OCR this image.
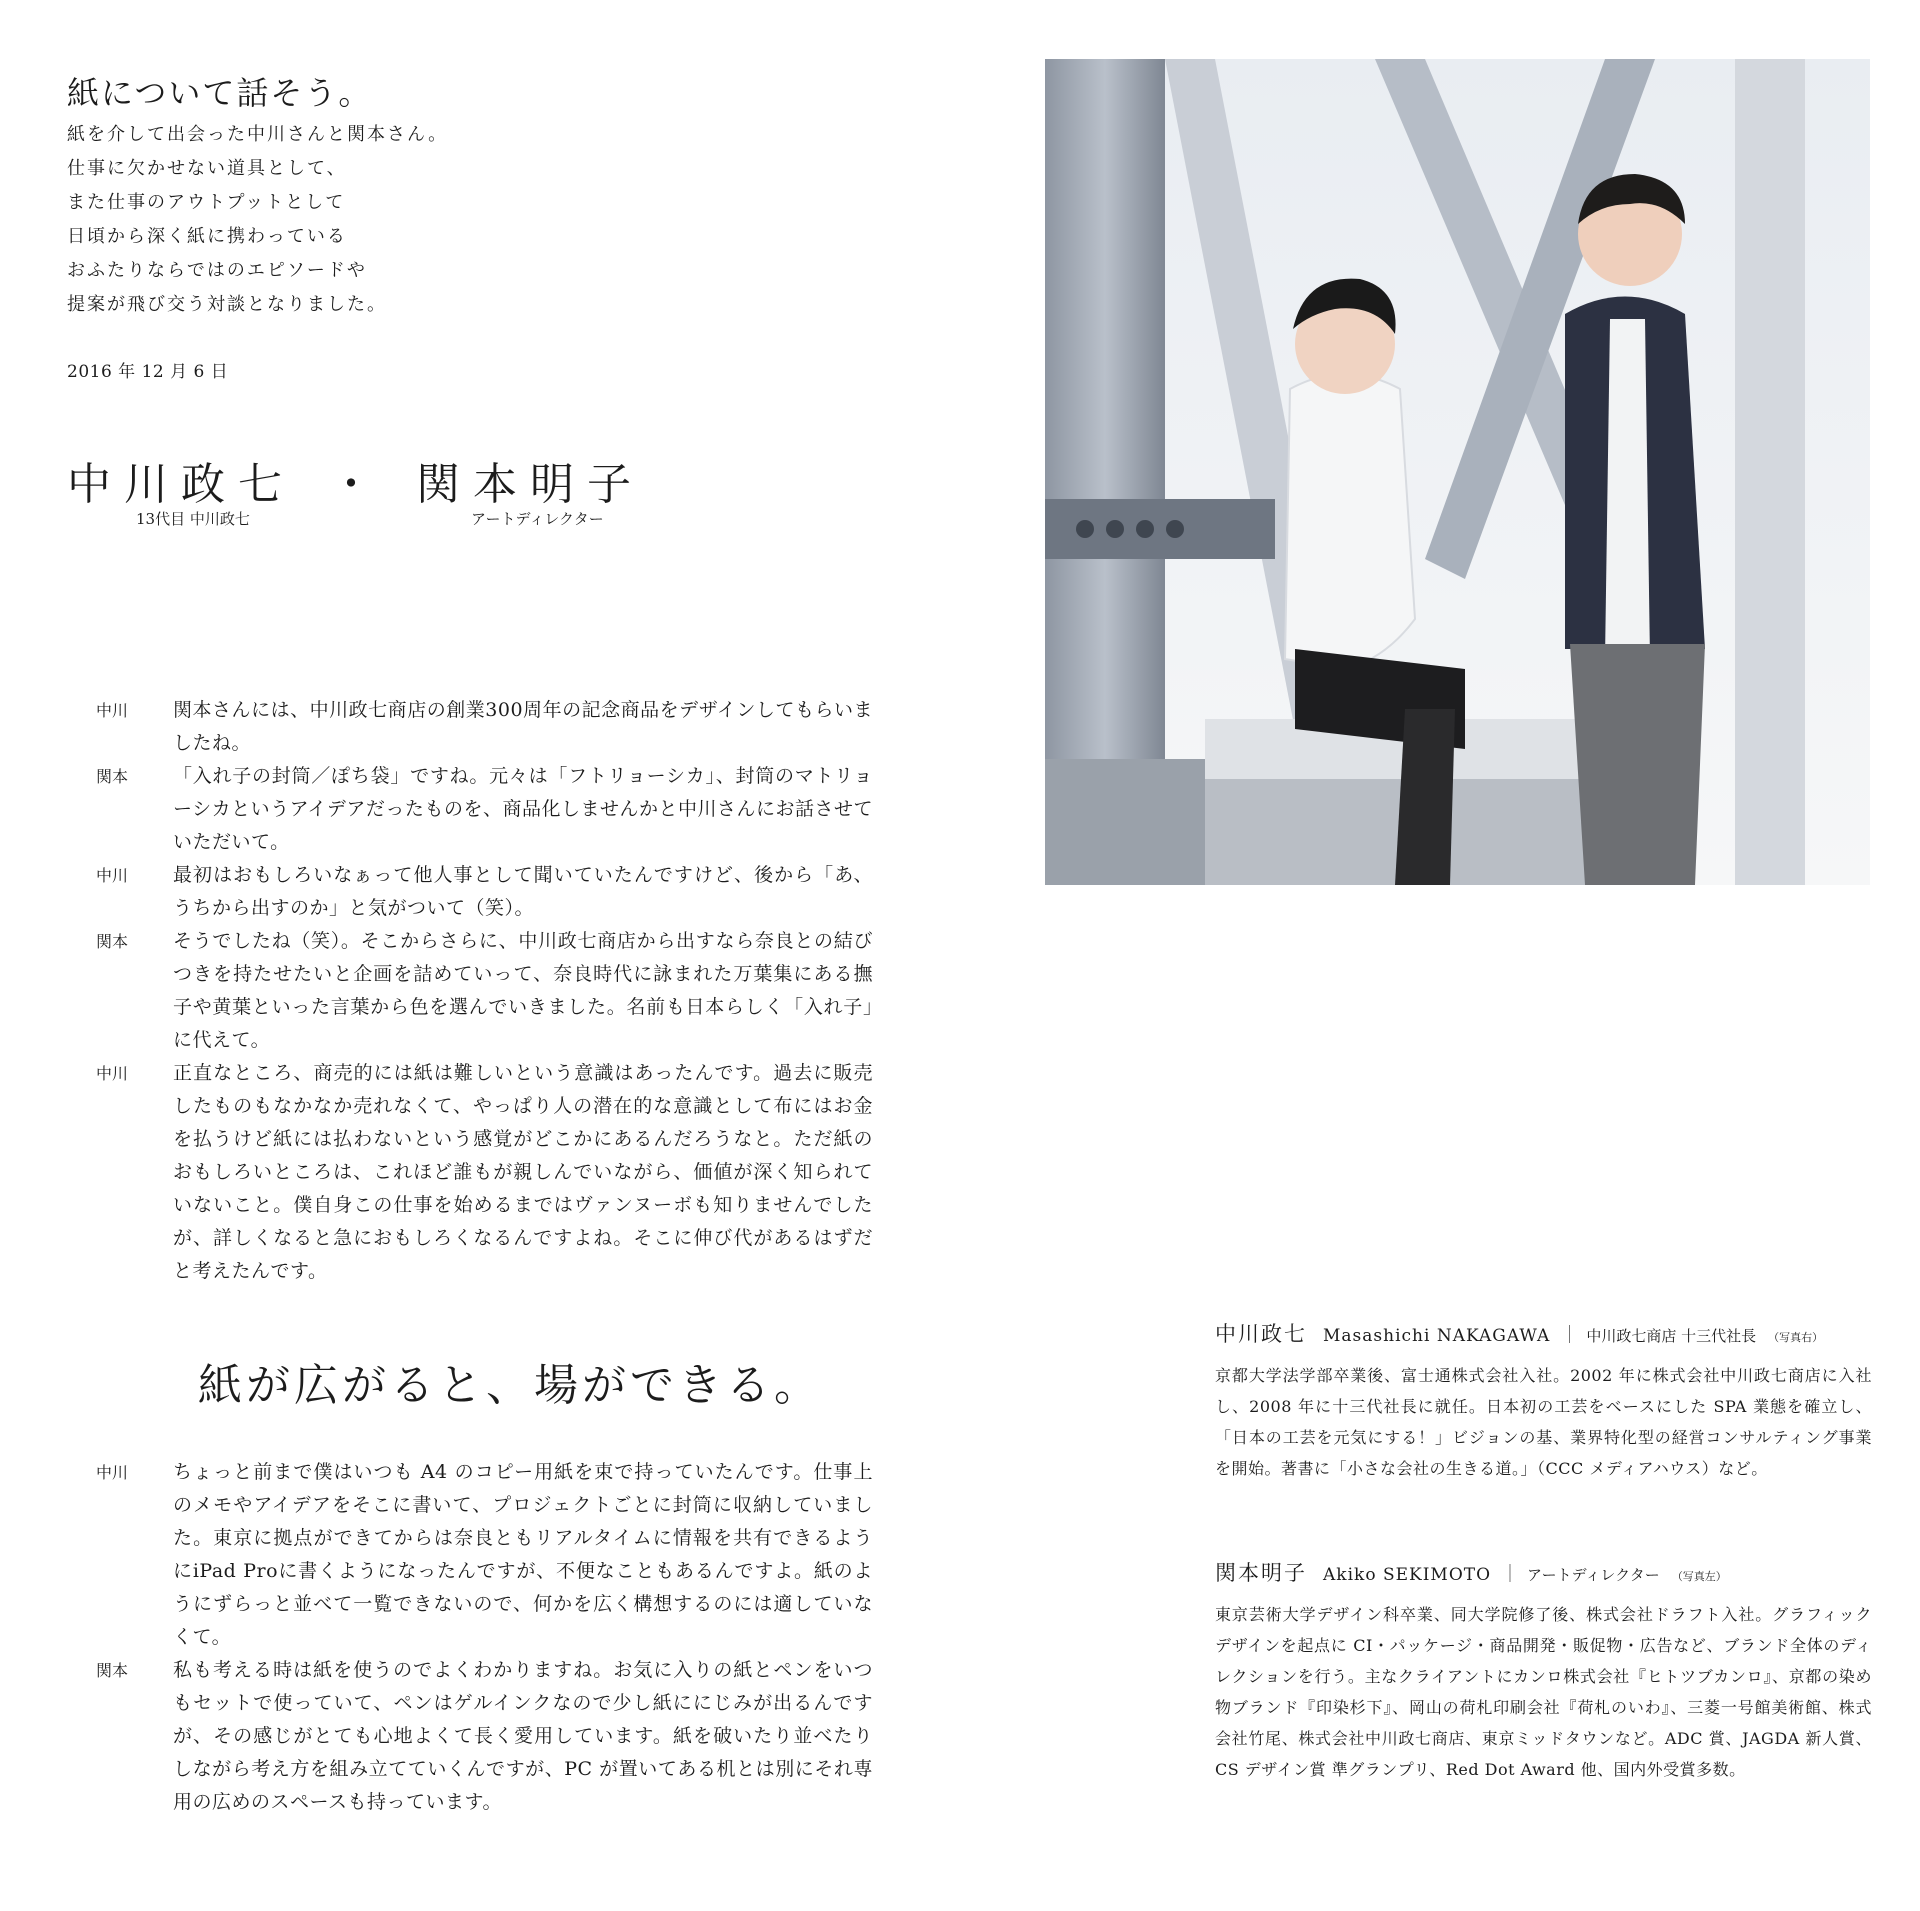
紙について話そう。
紙を介して出会った中川さんと関本さん。
仕事に欠かせない道具として、
また仕事のアウトプットとして
日頃から深く紙に携わっている
おふたりならではのエピソードや
提案が飛び交う対談となりました。
2016 年 12 月 6 日
中川政七 ・ 関本明子
13代目 中川政七	アートディレクター
中川	関本さんには、中川政七商店の創業300周年の記念商品をデザインしてもらいましたね。
関本	「入れ子の封筒／ぽち袋」ですね。元々は「フトリョーシカ」、封筒のマトリョーシカというアイデアだったものを、商品化しませんかと中川さんにお話させていただいて。
中川	最初はおもしろいなぁって他人事として聞いていたんですけど、後から「あ、うちから出すのか」と気がついて（笑）。
関本	そうでしたね（笑）。そこからさらに、中川政七商店から出すなら奈良との結びつきを持たせたいと企画を詰めていって、奈良時代に詠まれた万葉集にある撫子や黄葉といった言葉から色を選んでいきました。名前も日本らしく「入れ子」に代えて。
中川	正直なところ、商売的には紙は難しいという意識はあったんです。過去に販売したものもなかなか売れなくて、やっぱり人の潜在的な意識として布にはお金を払うけど紙には払わないという感覚がどこかにあるんだろうなと。ただ紙のおもしろいところは、これほど誰もが親しんでいながら、価値が深く知られていないこと。僕自身この仕事を始めるまではヴァンヌーボも知りませんでしたが、詳しくなると急におもしろくなるんですよね。そこに伸び代があるはずだと考えたんです。
紙が広がると、場ができる。
中川	ちょっと前まで僕はいつも A4 のコピー用紙を束で持っていたんです。仕事上のメモやアイデアをそこに書いて、プロジェクトごとに封筒に収納していました。東京に拠点ができてからは奈良ともリアルタイムに情報を共有できるようにiPad Proに書くようになったんですが、不便なこともあるんですよ。紙のようにずらっと並べて一覧できないので、何かを広く構想するのには適していなくて。
関本	私も考える時は紙を使うのでよくわかりますね。お気に入りの紙とペンをいつもセットで使っていて、ペンはゲルインクなので少し紙ににじみが出るんですが、その感じがとても心地よくて長く愛用しています。紙を破いたり並べたりしながら考え方を組み立てていくんですが、PC が置いてある机とは別にそれ専用の広めのスペースも持っています。
中川政七 Masashichi NAKAGAWA ｜ 中川政七商店 十三代社長 （写真右）
京都大学法学部卒業後、富士通株式会社入社。2002 年に株式会社中川政七商店に入社し、2008 年に十三代社長に就任。日本初の工芸をベースにした SPA 業態を確立し、「日本の工芸を元気にする！」ビジョンの基、業界特化型の経営コンサルティング事業を開始。著書に「小さな会社の生きる道。」（CCC メディアハウス）など。
関本明子 Akiko SEKIMOTO ｜ アートディレクター （写真左）
東京芸術大学デザイン科卒業、同大学院修了後、株式会社ドラフト入社。グラフィックデザインを起点に CI・パッケージ・商品開発・販促物・広告など、ブランド全体のディレクションを行う。主なクライアントにカンロ株式会社『ヒトツブカンロ』、京都の染め物ブランド『印染杉下』、岡山の荷札印刷会社『荷札のいわ』、三菱一号館美術館、株式会社竹尾、株式会社中川政七商店、東京ミッドタウンなど。ADC 賞、JAGDA 新人賞、CS デザイン賞 準グランプリ、Red Dot Award 他、国内外受賞多数。
